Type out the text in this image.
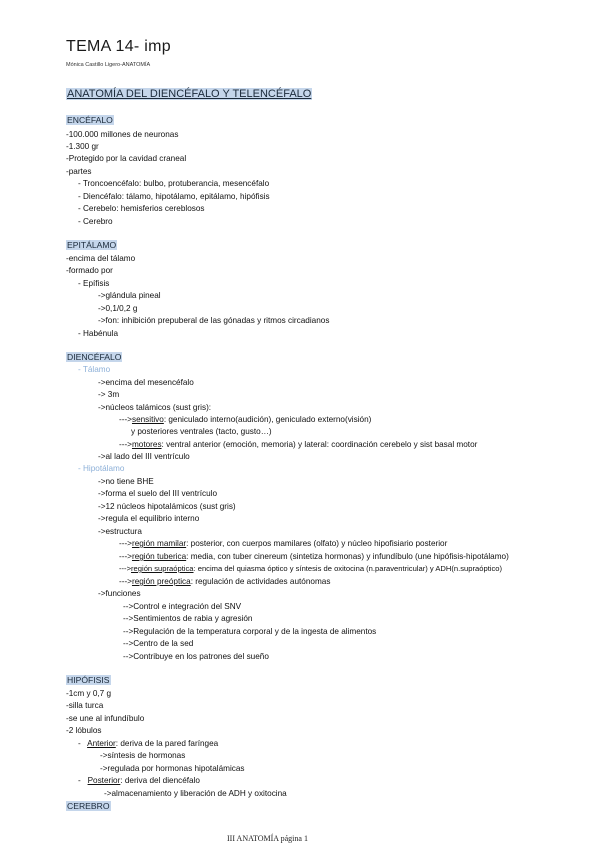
TEMA 14- imp
Mónica Castillo Ligero-ANATOMÍA
ANATOMÍA DEL DIENCÉFALO Y TELENCÉFALO
ENCÉFALO
-100.000 millones de neuronas
-1.300 gr
-Protegido por la cavidad craneal
-partes
- Troncoencéfalo: bulbo, protuberancia, mesencéfalo
- Diencéfalo: tálamo, hipotálamo, epitálamo, hipófisis
- Cerebelo: hemisferios cereblosos
- Cerebro
EPITÁLAMO
-encima del tálamo
-formado por
- Epífisis
->glándula pineal
->0,1/0,2 g
->fon: inhibición prepuberal de las gónadas y ritmos circadianos
- Habénula
DIENCÉFALO
- Tálamo
->encima del mesencéfalo
-> 3m
->núcleos talámicos (sust gris):
--->sensitivo: geniculado interno(audición), geniculado externo(visión)
y posteriores ventrales (tacto, gusto…)
--->motores: ventral anterior (emoción, memoria) y lateral: coordinación cerebelo y sist basal motor
->al lado del III ventrículo
- Hipotálamo
->no tiene BHE
->forma el suelo del III ventrículo
->12 núcleos hipotalámicos (sust gris)
->regula el equilibrio interno
->estructura
--->región mamilar: posterior, con cuerpos mamilares (olfato) y núcleo hipofisiario posterior
--->región tuberica: media, con tuber cinereum (sintetiza hormonas) y infundíbulo (une hipófisis-hipotálamo)
--->región supraóptica: encima del quiasma óptico y síntesis de oxitocina (n.paraventricular) y ADH(n.supraóptico)
--->región preóptica: regulación de actividades autónomas
->funciones
-->Control e integración del SNV
-->Sentimientos de rabia y agresión
-->Regulación de la temperatura corporal y de la ingesta de alimentos
-->Centro de la sed
-->Contribuye en los patrones del sueño
HIPÓFISIS
-1cm y 0,7 g
-silla turca
-se une al infundíbulo
-2 lóbulos
-   Anterior: deriva de la pared faríngea
->síntesis de hormonas
->regulada por hormonas hipotalámicas
-   Posterior: deriva del diencéfalo
->almacenamiento y liberación de ADH y oxitocina
CEREBRO
III ANATOMÍA página 1
